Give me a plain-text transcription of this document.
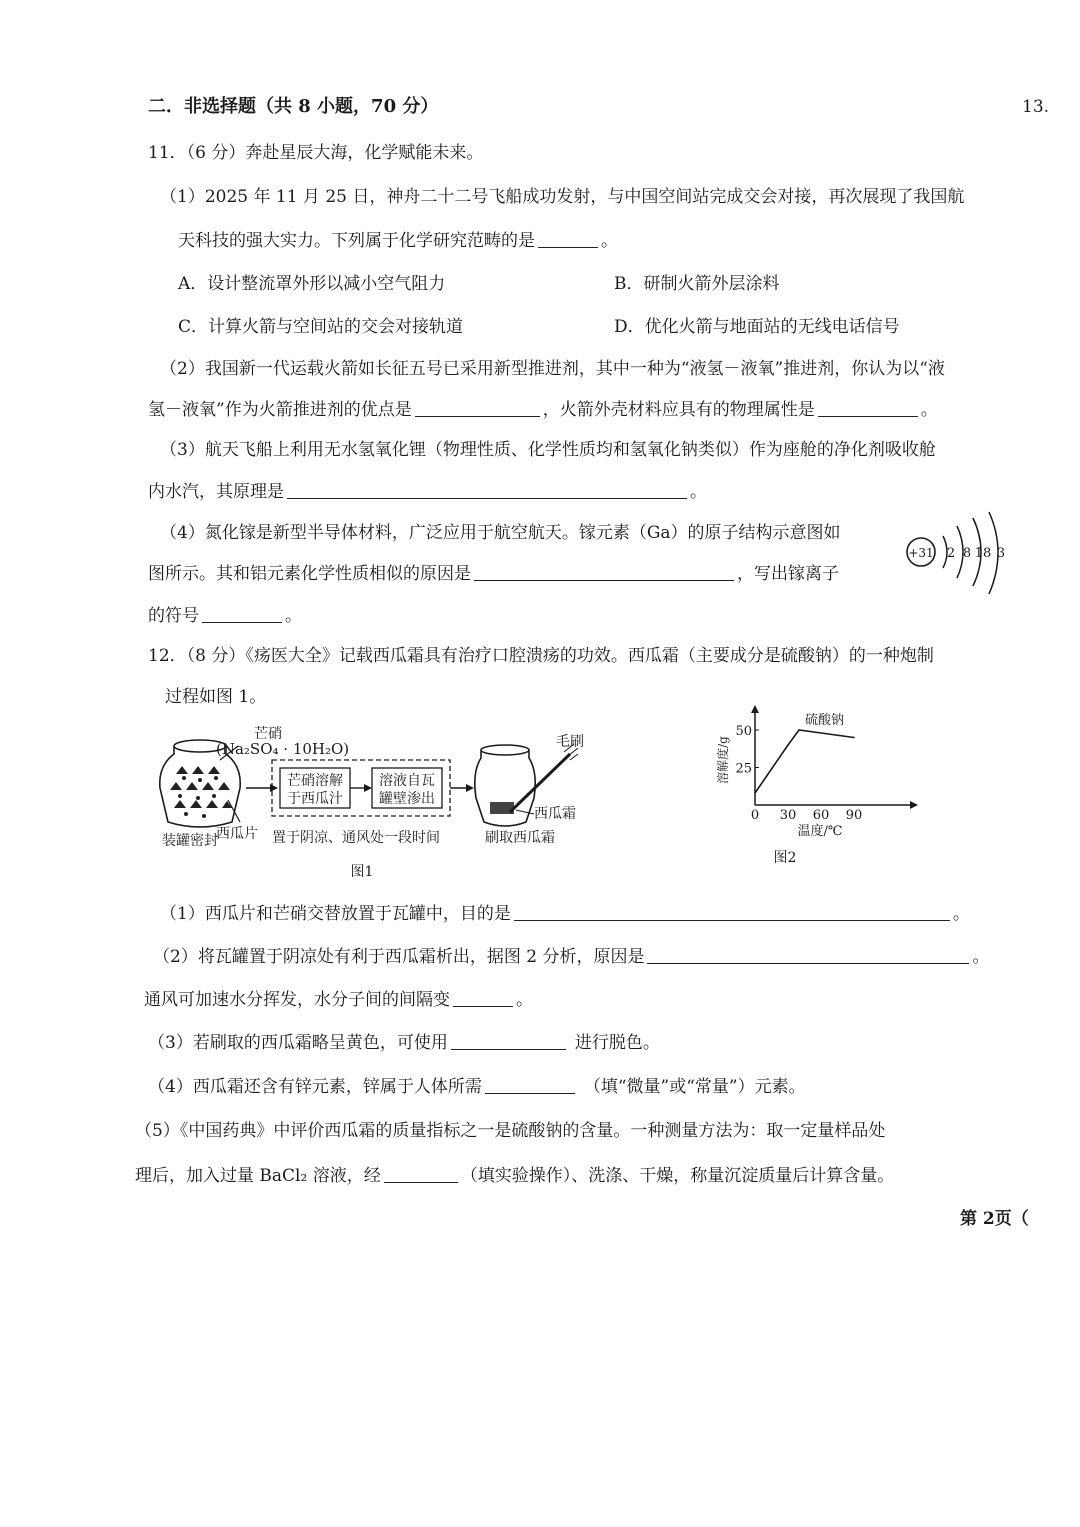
二．非选择题（共 8 小题，70 分）	13.
11．（6 分）奔赴星辰大海，化学赋能未来。
（1）2025 年 11 月 25 日，神舟二十二号飞船成功发射，与中国空间站完成交会对接，再次展现了我国航
天科技的强大实力。下列属于化学研究范畴的是	。
A．设计整流罩外形以减小空气阻力	B．研制火箭外层涂料
C．计算火箭与空间站的交会对接轨道	D．优化火箭与地面站的无线电话信号
（2）我国新一代运载火箭如长征五号已采用新型推进剂，其中一种为“液氢－液氧”推进剂，你认为以“液
氢－液氧”作为火箭推进剂的优点是	，火箭外壳材料应具有的物理属性是	。
（3）航天飞船上利用无水氢氧化锂（物理性质、化学性质均和氢氧化钠类似）作为座舱的净化剂吸收舱
内水汽，其原理是	。
（4）氮化镓是新型半导体材料，广泛应用于航空航天。镓元素（Ga）的原子结构示意图如
图所示。其和铝元素化学性质相似的原因是	，写出镓离子
的符号	。
+31 2 8 18 3
12．（8 分）《疡医大全》记载西瓜霜具有治疗口腔溃疡的功效。西瓜霜（主要成分是硫酸钠）的一种炮制
过程如图 1。
芒硝
(Na₂SO₄ · 10H₂O)
西瓜片
芒硝溶解
于西瓜汁
溶液自瓦
罐壁渗出
毛刷
西瓜霜
装罐密封	置于阴凉、通风处一段时间	刷取西瓜霜
图1
0 30 60 90
25
50
硫酸钠
温度/℃
溶解度/g
图2
（1）西瓜片和芒硝交替放置于瓦罐中，目的是	。
（2）将瓦罐置于阴凉处有利于西瓜霜析出，据图 2 分析，原因是	。
通风可加速水分挥发，水分子间的间隔变	。
（3）若刷取的西瓜霜略呈黄色，可使用	进行脱色。
（4）西瓜霜还含有锌元素，锌属于人体所需	（填“微量”或“常量”）元素。
（5）《中国药典》中评价西瓜霜的质量指标之一是硫酸钠的含量。一种测量方法为：取一定量样品处
理后，加入过量 BaCl₂ 溶液，经	（填实验操作）、洗涤、干燥，称量沉淀质量后计算含量。
第 2页（
